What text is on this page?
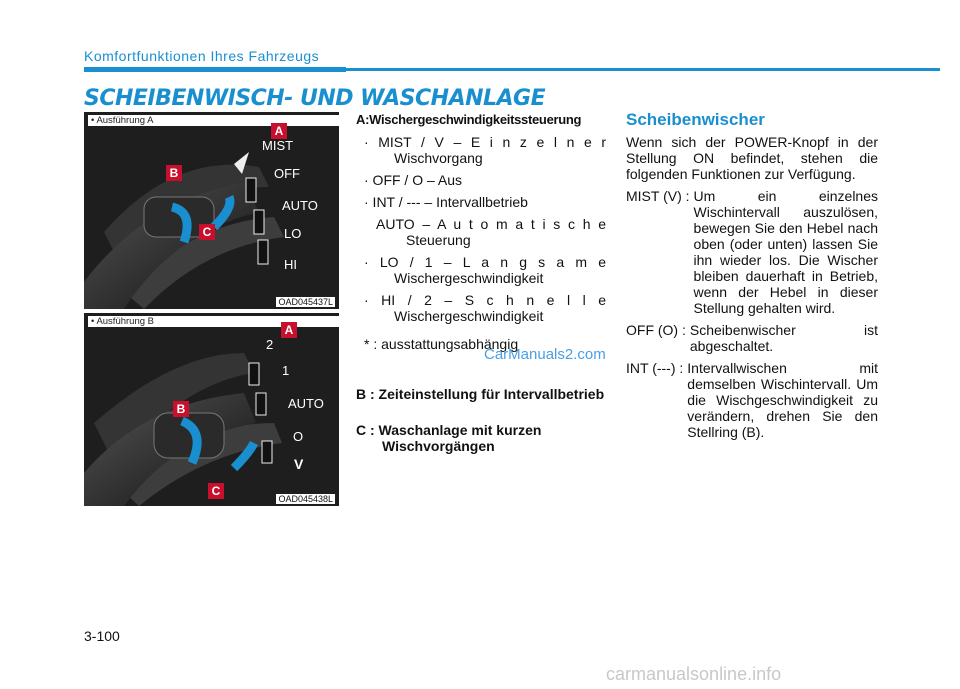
Komfortfunktionen Ihres Fahrzeugs
SCHEIBENWISCH- UND WASCHANLAGE
• Ausführung A
A
B
C
MIST
OFF
AUTO
LO
HI
OAD045437L
• Ausführung B
A
B
C
2
1
AUTO
O
V
OAD045438L
A:Wischergeschwindigkeitssteuerung
· MIST / V – E i n z e l n e r Wischvorgang
· OFF / O – Aus
· INT / --- – Intervallbetrieb
AUTO – A u t o m a t i s c h e Steuerung
· LO / 1 – L a n g s a m e Wischergeschwindigkeit
· HI / 2 – S c h n e l l e Wischergeschwindigkeit
* : ausstattungsabhängig
B : Zeiteinstellung für Intervallbetrieb
C : Waschanlage mit kurzen Wischvorgängen
Scheibenwischer
Wenn sich der POWER-Knopf in der Stellung ON befindet, stehen die folgenden Funktionen zur Verfügung.
MIST (V) : Um ein einzelnes Wischintervall auszulösen, bewegen Sie den Hebel nach oben (oder unten) lassen Sie ihn wieder los. Die Wischer bleiben dauerhaft in Betrieb, wenn der Hebel in dieser Stellung gehalten wird.
OFF (O) : Scheibenwischer ist abgeschaltet.
INT (---) : Intervallwischen mit demselben Wischintervall. Um die Wischgeschwindigkeit zu verändern, drehen Sie den Stellring (B).
CarManuals2.com
3-100
carmanualsonline.info
